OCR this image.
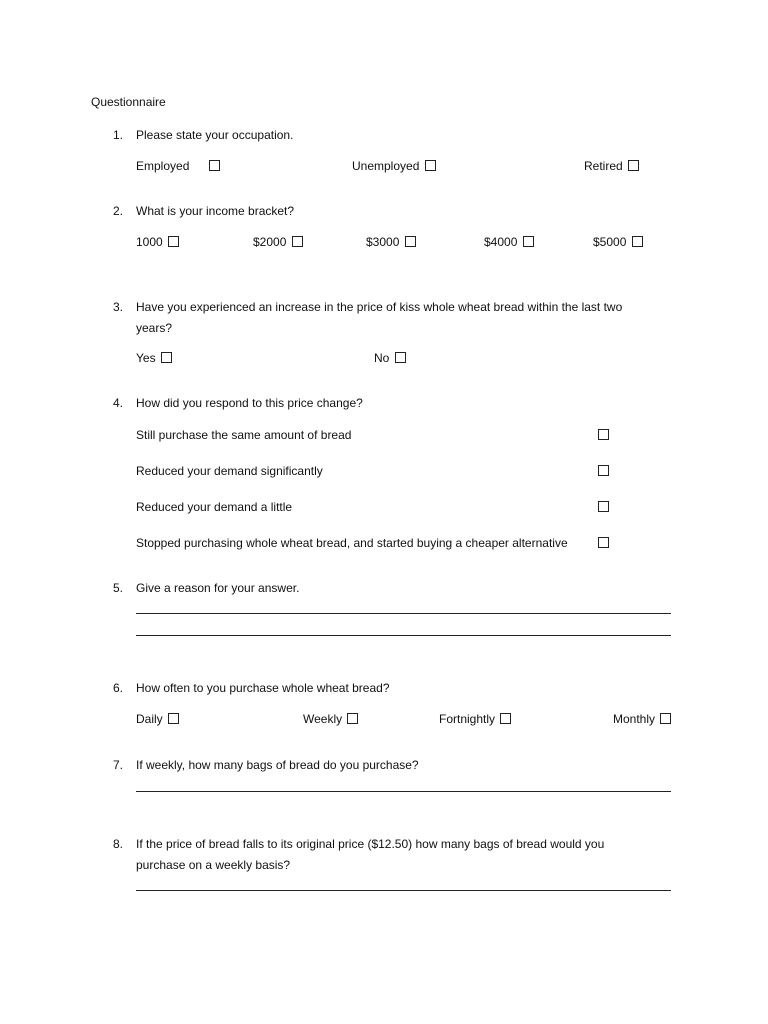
Questionnaire
1. Please state your occupation.
Employed	Unemployed	Retired
2. What is your income bracket?
1000	$2000	$3000	$4000	$5000
3. Have you experienced an increase in the price of kiss whole wheat bread within the last two
years?
Yes	No
4. How did you respond to this price change?
Still purchase the same amount of bread
Reduced your demand significantly
Reduced your demand a little
Stopped purchasing whole wheat bread, and started buying a cheaper alternative
5. Give a reason for your answer.
6. How often to you purchase whole wheat bread?
Daily	Weekly	Fortnightly	Monthly
7. If weekly, how many bags of bread do you purchase?
8. If the price of bread falls to its original price ($12.50) how many bags of bread would you
purchase on a weekly basis?
